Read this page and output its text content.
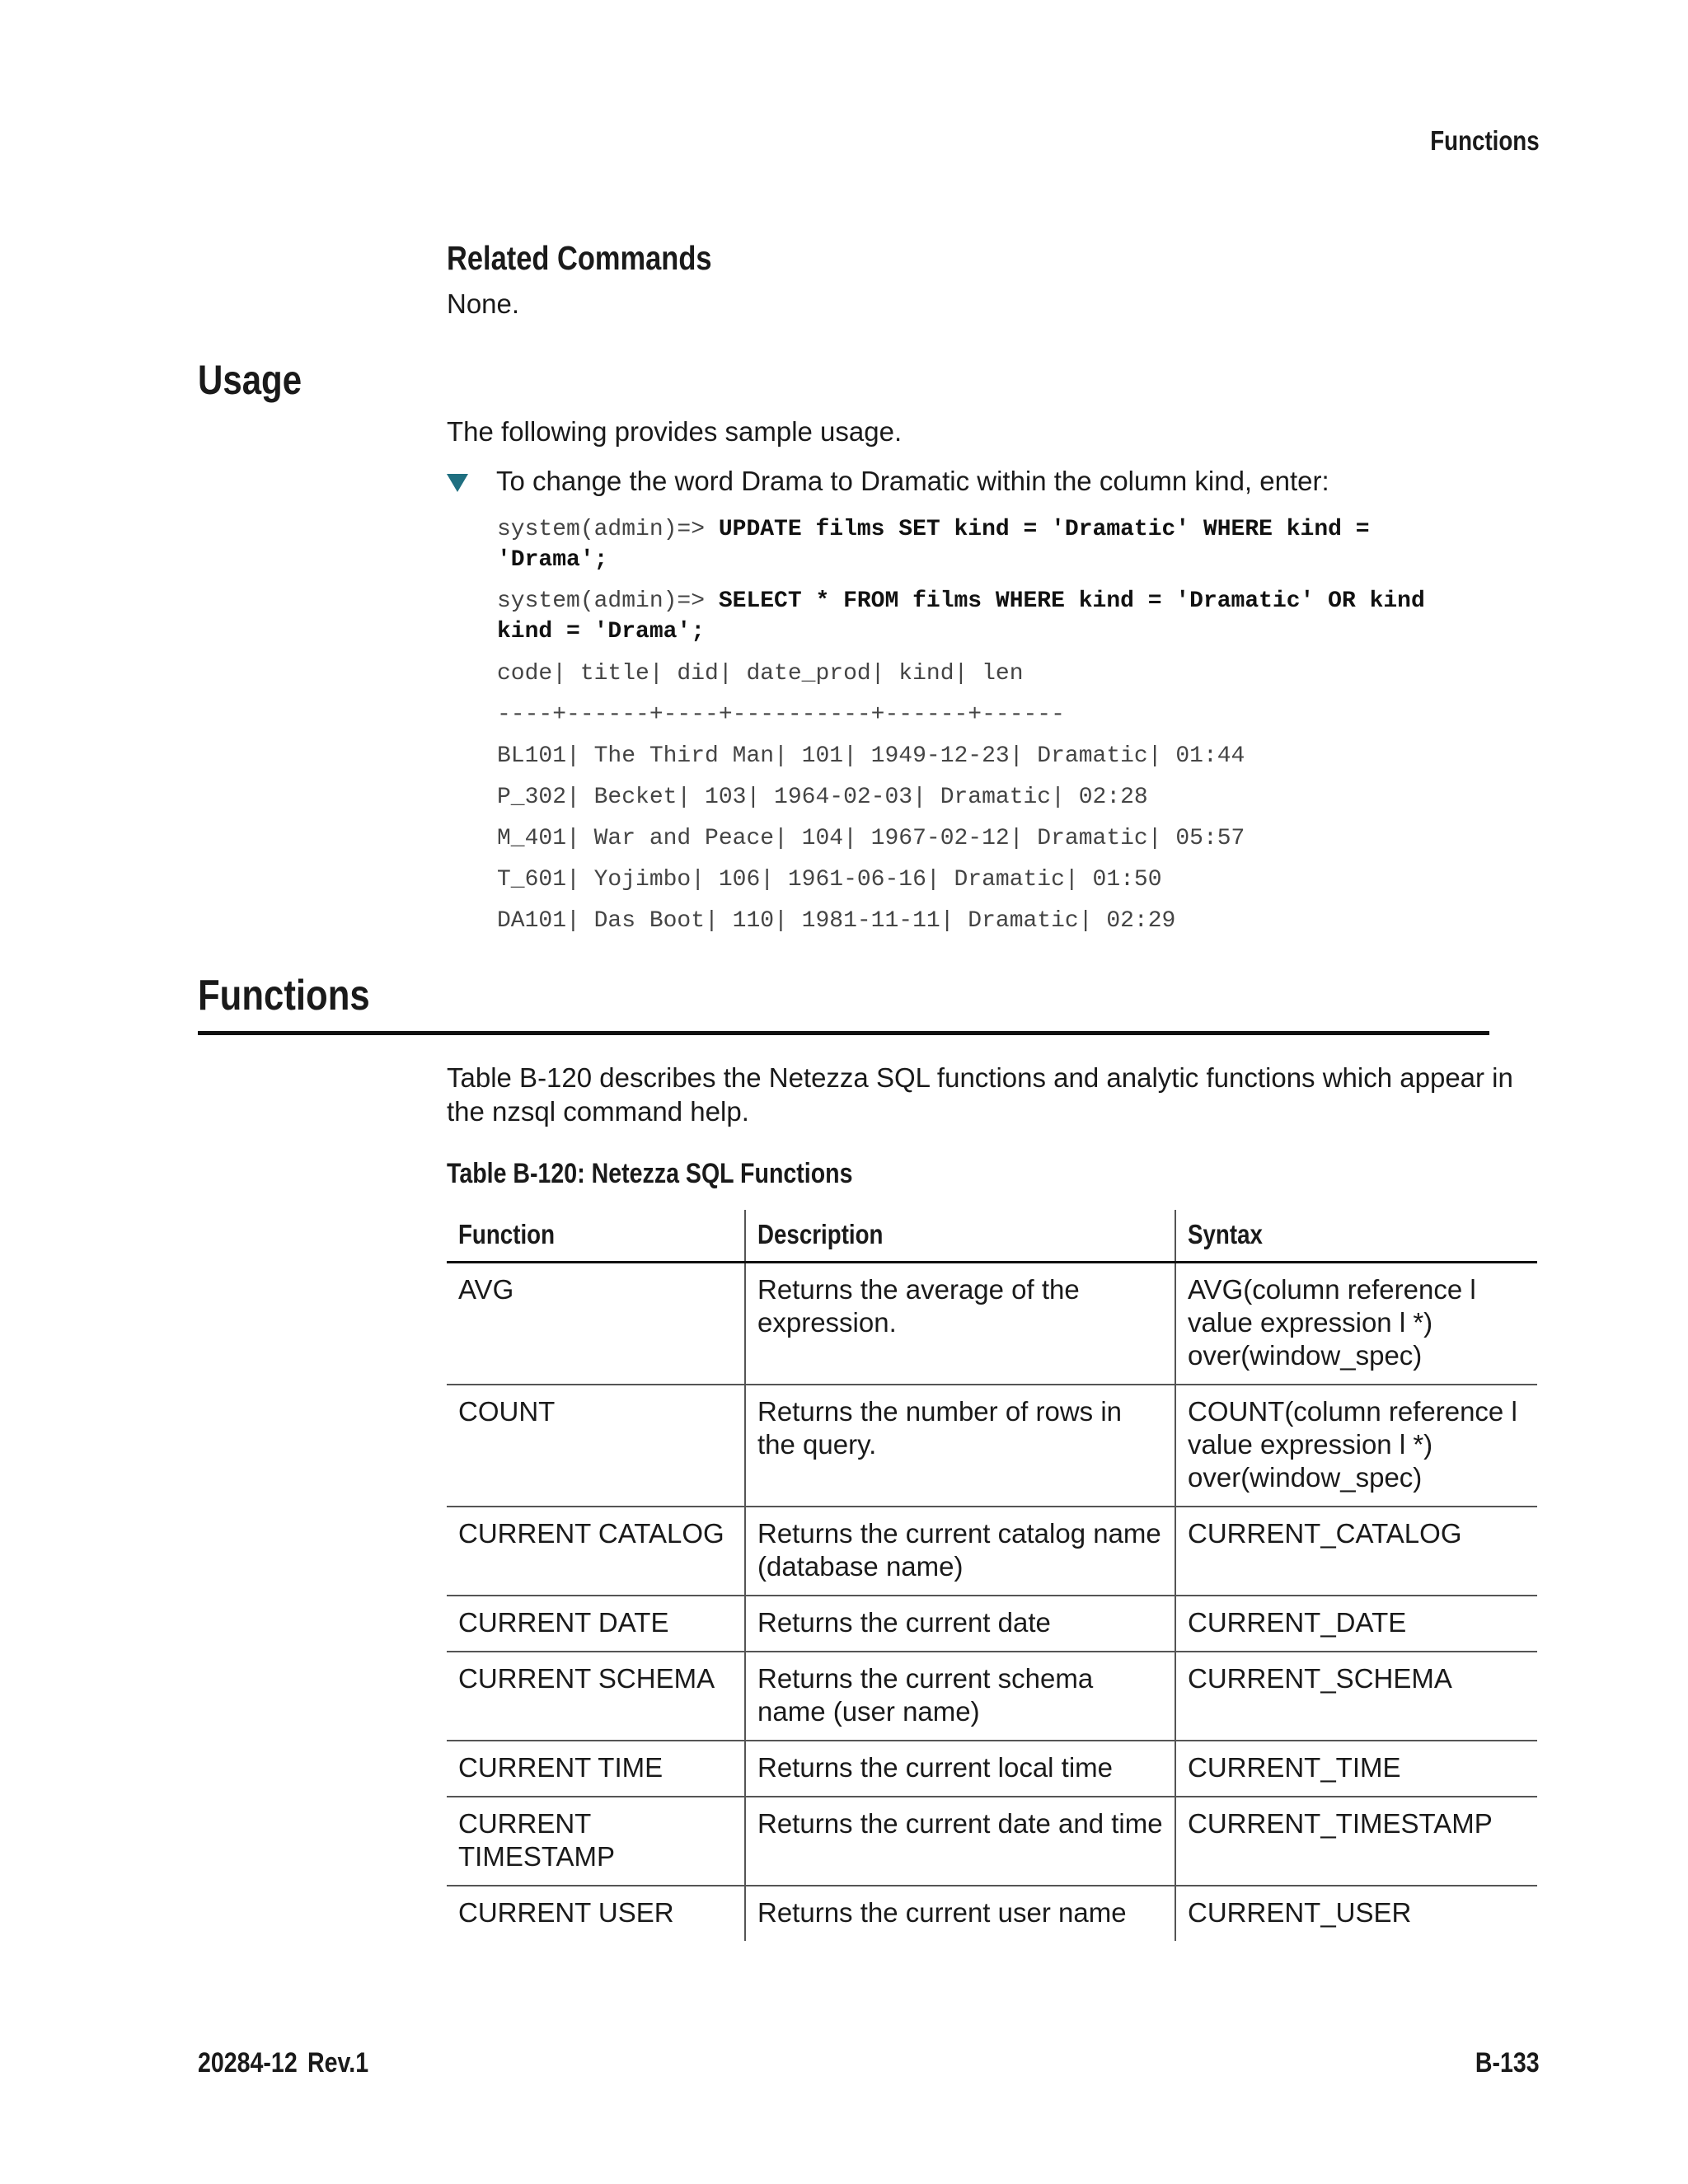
Functions
Related Commands
None.
Usage
The following provides sample usage.
To change the word Drama to Dramatic within the column kind, enter:
system(admin)=> UPDATE films SET kind = 'Dramatic' WHERE kind =
'Drama';
system(admin)=> SELECT * FROM films WHERE kind = 'Dramatic' OR kind
kind = 'Drama';
code| title| did| date_prod| kind| len
----+------+----+----------+------+------
BL101| The Third Man| 101| 1949-12-23| Dramatic| 01:44
P_302| Becket| 103| 1964-02-03| Dramatic| 02:28
M_401| War and Peace| 104| 1967-02-12| Dramatic| 05:57
T_601| Yojimbo| 106| 1961-06-16| Dramatic| 01:50
DA101| Das Boot| 110| 1981-11-11| Dramatic| 02:29
Functions
Table B-120 describes the Netezza SQL functions and analytic functions which appear in the nzsql command help.
Table B-120: Netezza SQL Functions
Function	Description	Syntax
AVG	Returns the average of the expression.	AVG(column reference l value expression l *) over(window_spec)
COUNT	Returns the number of rows in the query.	COUNT(column reference l value expression l *) over(window_spec)
CURRENT CATALOG	Returns the current catalog name (database name)	CURRENT_CATALOG
CURRENT DATE	Returns the current date	CURRENT_DATE
CURRENT SCHEMA	Returns the current schema name (user name)	CURRENT_SCHEMA
CURRENT TIME	Returns the current local time	CURRENT_TIME
CURRENT TIMESTAMP	Returns the current date and time	CURRENT_TIMESTAMP
CURRENT USER	Returns the current user name	CURRENT_USER
20284-12 Rev.1	B-133
